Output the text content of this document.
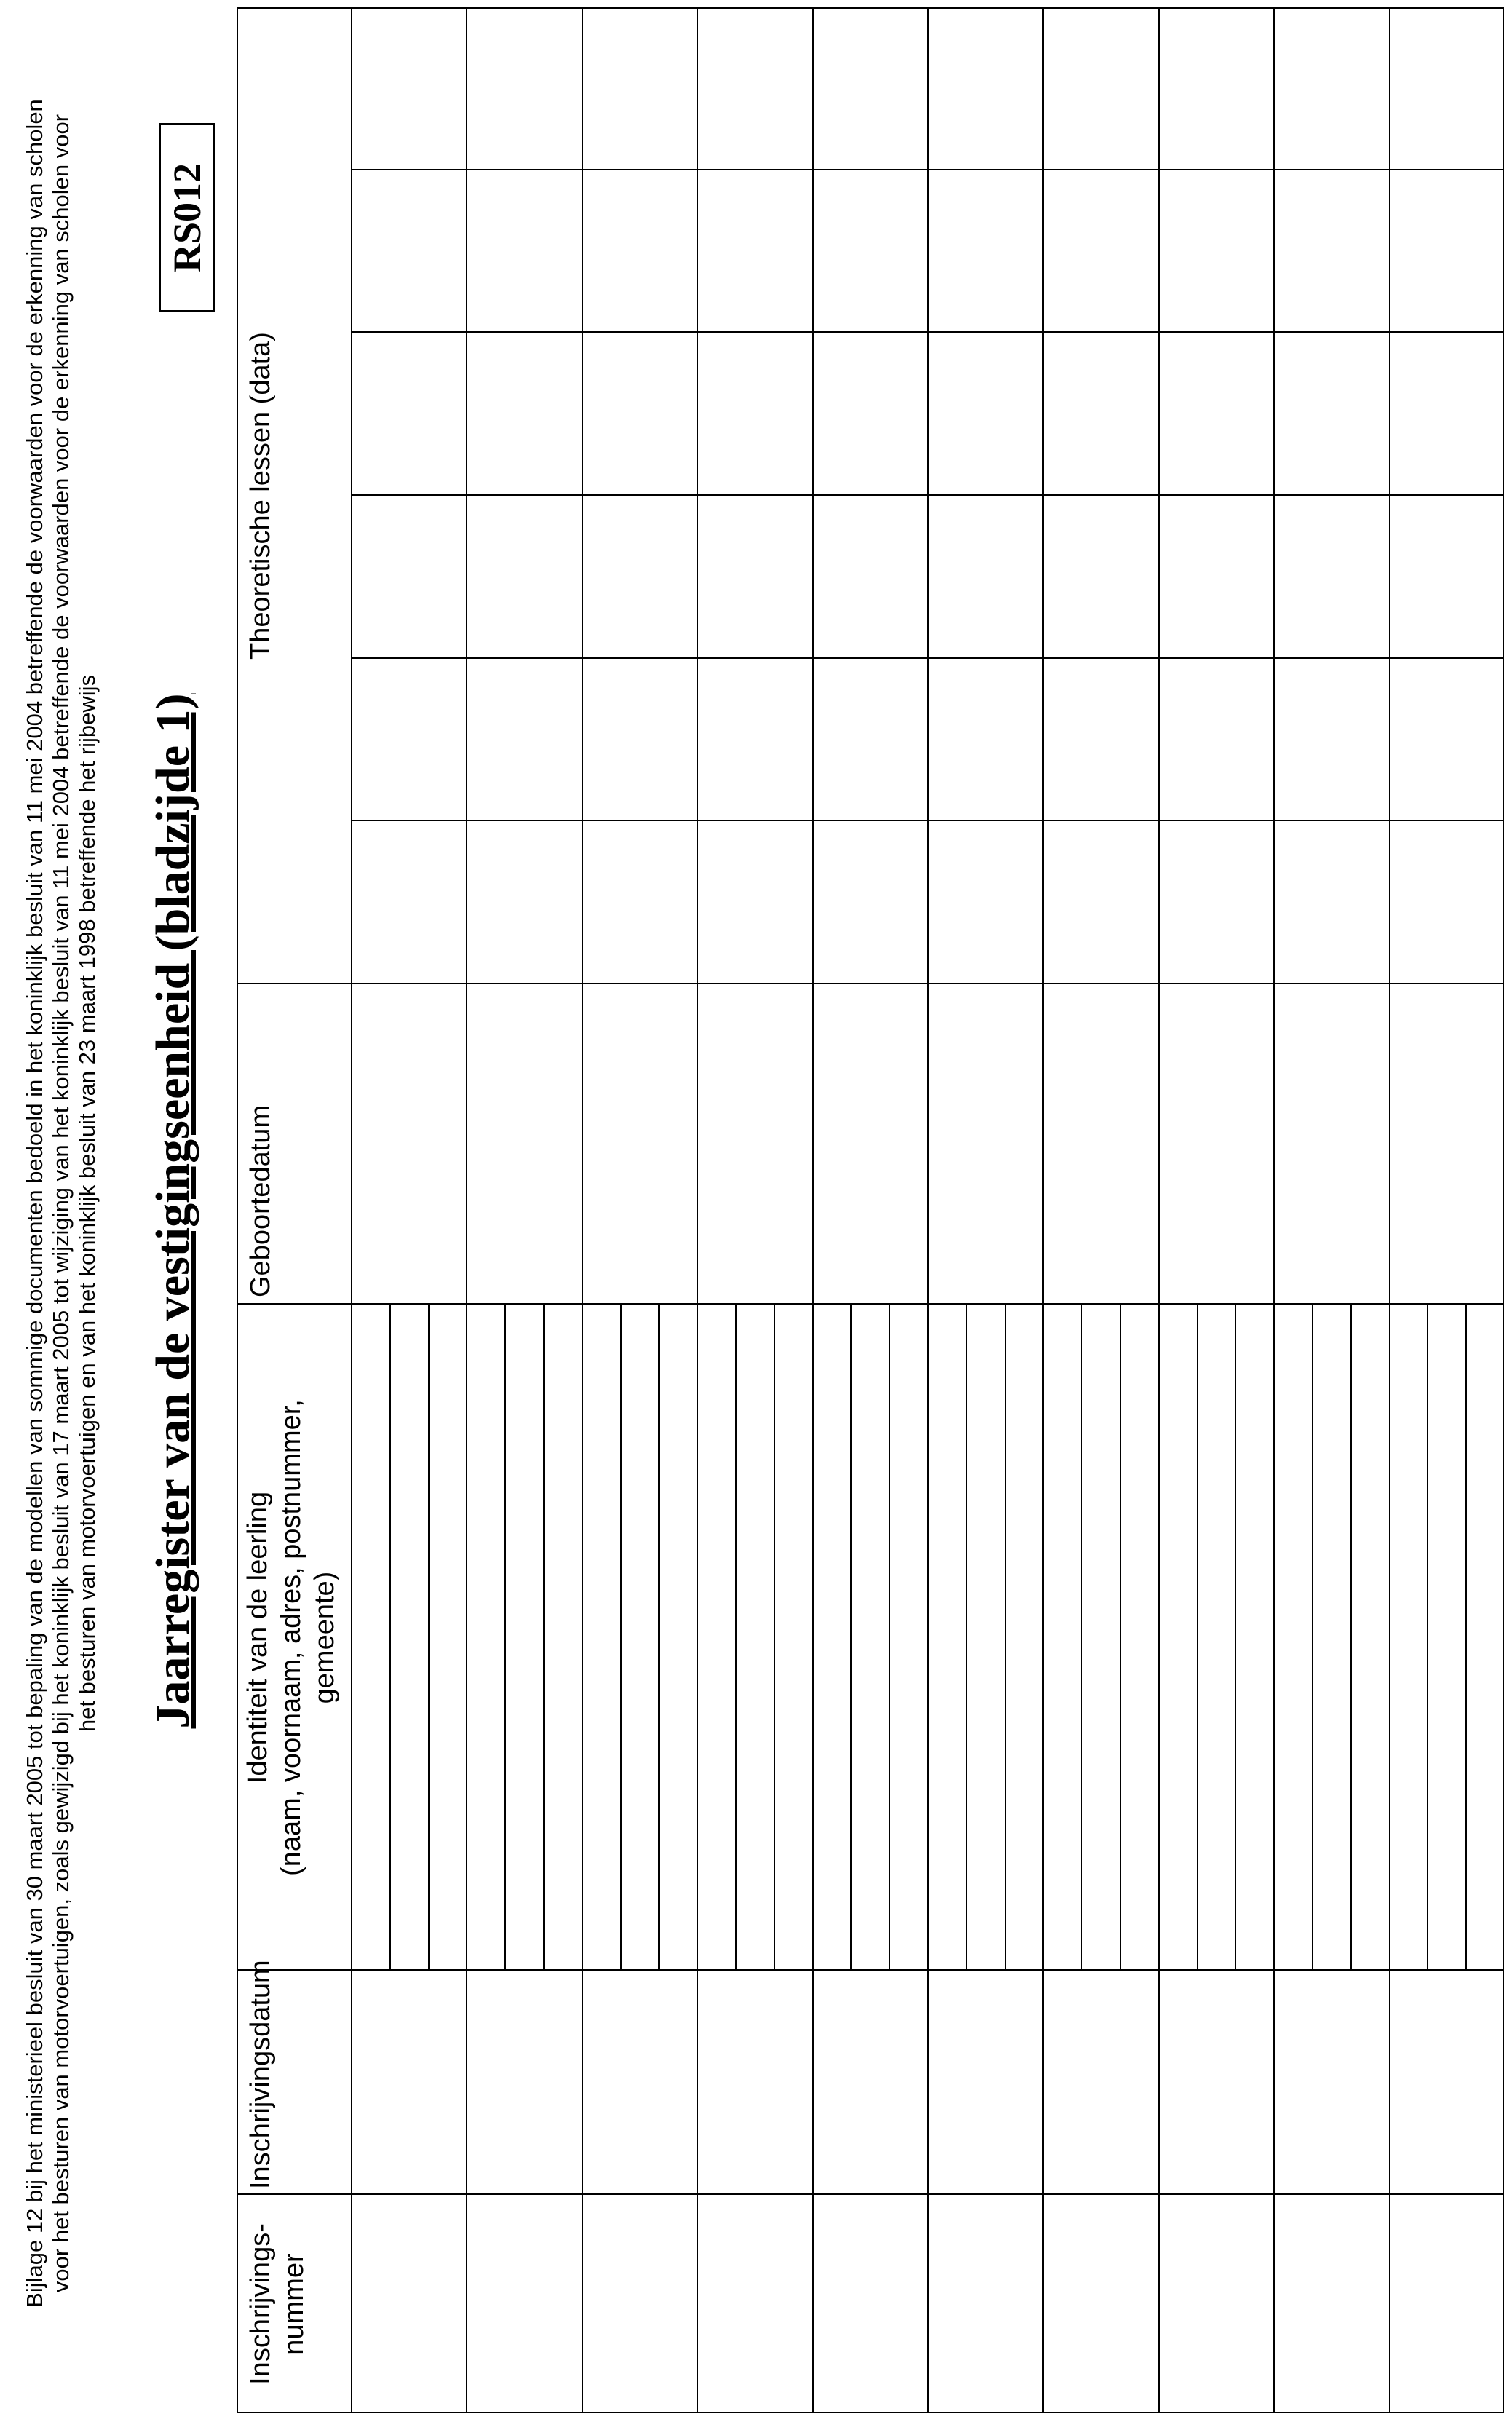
Bijlage 12 bij het ministerieel besluit van 30 maart 2005 tot bepaling van de modellen van sommige documenten bedoeld in het koninklijk besluit van 11 mei 2004 betreffende de voorwaarden voor de erkenning van scholen voor het besturen van motorvoertuigen, zoals gewijzigd bij het koninklijk besluit van 17 maart 2005 tot wijziging van het koninklijk besluit van 11 mei 2004 betreffende de voorwaarden voor de erkenning van scholen voor het besturen van motorvoertuigen en van het koninklijk besluit van 23 maart 1998 betreffende het rijbewijs Jaarregister van de vestigingseenheid (bladzijde 1)
RS012
Inschrijvings- nummer
Inschrijvingsdatum
Identiteit van de leerling (naam, voornaam, adres, postnummer, gemeente)
Geboortedatum
Theoretische lessen (data)
